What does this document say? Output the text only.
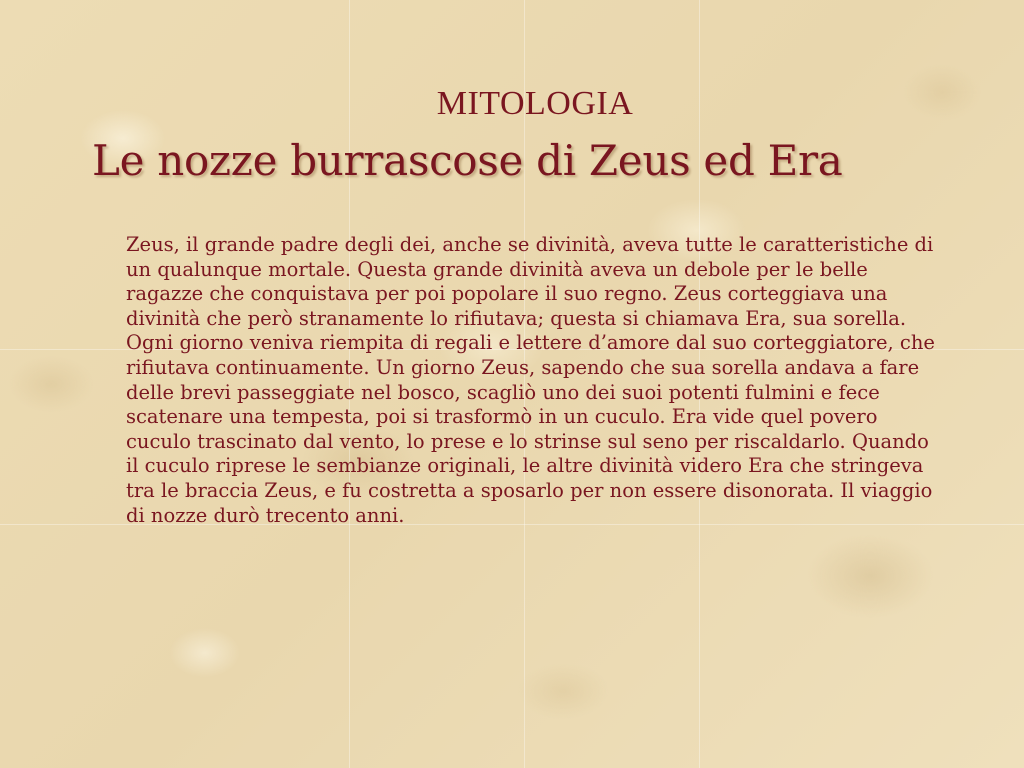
MITOLOGIA
Le nozze burrascose di Zeus ed Era

Zeus, il grande padre degli dei, anche se divinità, aveva tutte le caratteristiche di un qualunque mortale. Questa grande divinità aveva un debole per le belle ragazze che conquistava per poi popolare il suo regno. Zeus corteggiava una divinità che però stranamente lo rifiutava; questa si chiamava Era, sua sorella. Ogni giorno veniva riempita di regali e lettere d’amore dal suo corteggiatore, che rifiutava continuamente. Un giorno Zeus, sapendo che sua sorella andava a fare delle brevi passeggiate nel bosco, scagliò uno dei suoi potenti fulmini e fece scatenare una tempesta, poi si trasformò in un cuculo. Era vide quel povero cuculo trascinato dal vento, lo prese e lo strinse sul seno per riscaldarlo. Quando il cuculo riprese le sembianze originali, le altre divinità videro Era che stringeva tra le braccia Zeus, e fu costretta a sposarlo per non essere disonorata. Il viaggio di nozze durò trecento anni.
